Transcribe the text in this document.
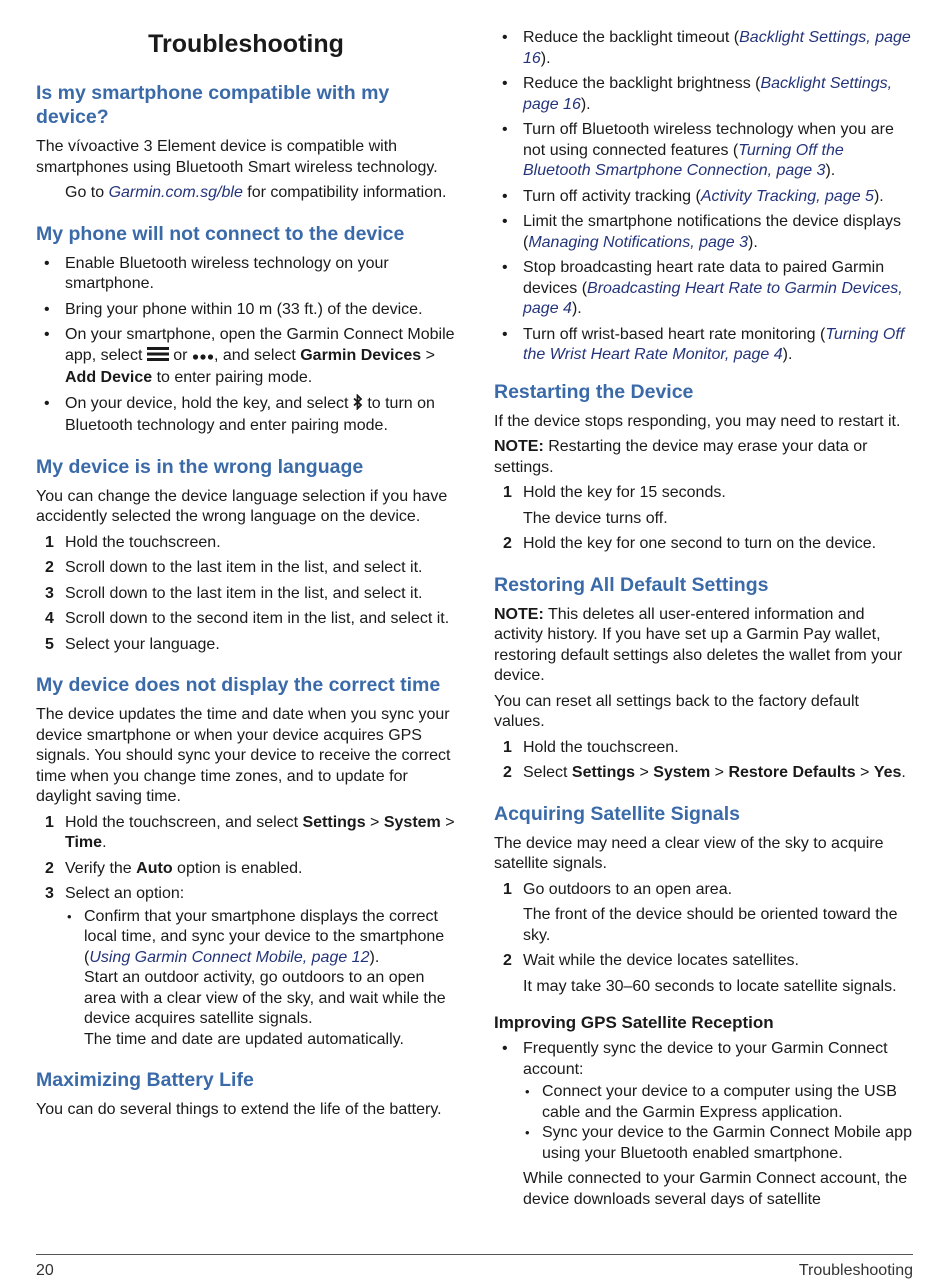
Troubleshooting
Is my smartphone compatible with my device?

The vívoactive 3 Element device is compatible with smartphones using Bluetooth Smart wireless technology.

Go to Garmin.com.sg/ble for compatibility information.

My phone will not connect to the device
• Enable Bluetooth wireless technology on your smartphone.
• Bring your phone within 10 m (33 ft.) of the device.
• On your smartphone, open the Garmin Connect Mobile app, select  or , and select Garmin Devices > Add Device to enter pairing mode.
• On your device, hold the key, and select  to turn on Bluetooth technology and enter pairing mode.
My device is in the wrong language

You can change the device language selection if you have accidently selected the wrong language on the device.

1 Hold the touchscreen.
2 Scroll down to the last item in the list, and select it.
3 Scroll down to the last item in the list, and select it.
4 Scroll down to the second item in the list, and select it.
5 Select your language.
My device does not display the correct time

The device updates the time and date when you sync your device smartphone or when your device acquires GPS signals. You should sync your device to receive the correct time when you change time zones, and to update for daylight saving time.

1 Hold the touchscreen, and select Settings > System > Time.
2 Verify the Auto option is enabled.
3 Select an option:
• Confirm that your smartphone displays the correct local time, and sync your device to the smartphone (Using Garmin Connect Mobile, page 12).
Start an outdoor activity, go outdoors to an open area with a clear view of the sky, and wait while the device acquires satellite signals.
The time and date are updated automatically.
Maximizing Battery Life

You can do several things to extend the life of the battery.

• Reduce the backlight timeout (Backlight Settings, page 16).
• Reduce the backlight brightness (Backlight Settings, page 16).
• Turn off Bluetooth wireless technology when you are not using connected features (Turning Off the Bluetooth Smartphone Connection, page 3).
• Turn off activity tracking (Activity Tracking, page 5).
• Limit the smartphone notifications the device displays (Managing Notifications, page 3).
• Stop broadcasting heart rate data to paired Garmin devices (Broadcasting Heart Rate to Garmin Devices, page 4).
• Turn off wrist-based heart rate monitoring (Turning Off the Wrist Heart Rate Monitor, page 4).
Restarting the Device

If the device stops responding, you may need to restart it.

NOTE: Restarting the device may erase your data or settings.

1 Hold the key for 15 seconds.
The device turns off.
2 Hold the key for one second to turn on the device.
Restoring All Default Settings

NOTE: This deletes all user-entered information and activity history. If you have set up a Garmin Pay wallet, restoring default settings also deletes the wallet from your device.

You can reset all settings back to the factory default values.

1 Hold the touchscreen.
2 Select Settings > System > Restore Defaults > Yes.
Acquiring Satellite Signals

The device may need a clear view of the sky to acquire satellite signals.

1 Go outdoors to an open area.
The front of the device should be oriented toward the sky.
2 Wait while the device locates satellites.
It may take 30–60 seconds to locate satellite signals.
Improving GPS Satellite Reception
• Frequently sync the device to your Garmin Connect account:
• Connect your device to a computer using the USB cable and the Garmin Express application.
• Sync your device to the Garmin Connect Mobile app using your Bluetooth enabled smartphone.
While connected to your Garmin Connect account, the device downloads several days of satellite
20	Troubleshooting
